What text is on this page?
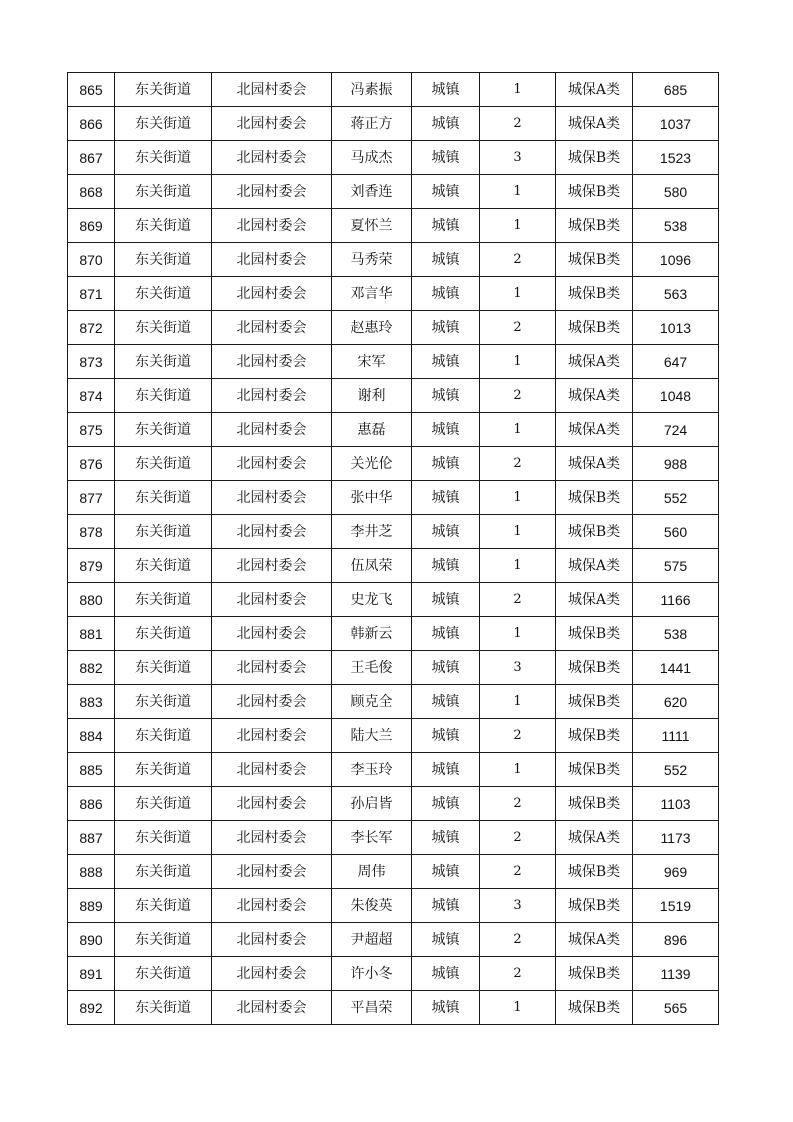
865	东关街道	北园村委会	冯素振	城镇	1	城保A类	685
866	东关街道	北园村委会	蒋正方	城镇	2	城保A类	1037
867	东关街道	北园村委会	马成杰	城镇	3	城保B类	1523
868	东关街道	北园村委会	刘香连	城镇	1	城保B类	580
869	东关街道	北园村委会	夏怀兰	城镇	1	城保B类	538
870	东关街道	北园村委会	马秀荣	城镇	2	城保B类	1096
871	东关街道	北园村委会	邓言华	城镇	1	城保B类	563
872	东关街道	北园村委会	赵惠玲	城镇	2	城保B类	1013
873	东关街道	北园村委会	宋军	城镇	1	城保A类	647
874	东关街道	北园村委会	谢利	城镇	2	城保A类	1048
875	东关街道	北园村委会	惠磊	城镇	1	城保A类	724
876	东关街道	北园村委会	关光伦	城镇	2	城保A类	988
877	东关街道	北园村委会	张中华	城镇	1	城保B类	552
878	东关街道	北园村委会	李井芝	城镇	1	城保B类	560
879	东关街道	北园村委会	伍凤荣	城镇	1	城保A类	575
880	东关街道	北园村委会	史龙飞	城镇	2	城保A类	1166
881	东关街道	北园村委会	韩新云	城镇	1	城保B类	538
882	东关街道	北园村委会	王毛俊	城镇	3	城保B类	1441
883	东关街道	北园村委会	顾克全	城镇	1	城保B类	620
884	东关街道	北园村委会	陆大兰	城镇	2	城保B类	1111
885	东关街道	北园村委会	李玉玲	城镇	1	城保B类	552
886	东关街道	北园村委会	孙启皆	城镇	2	城保B类	1103
887	东关街道	北园村委会	李长军	城镇	2	城保A类	1173
888	东关街道	北园村委会	周伟	城镇	2	城保B类	969
889	东关街道	北园村委会	朱俊英	城镇	3	城保B类	1519
890	东关街道	北园村委会	尹超超	城镇	2	城保A类	896
891	东关街道	北园村委会	许小冬	城镇	2	城保B类	1139
892	东关街道	北园村委会	平昌荣	城镇	1	城保B类	565
